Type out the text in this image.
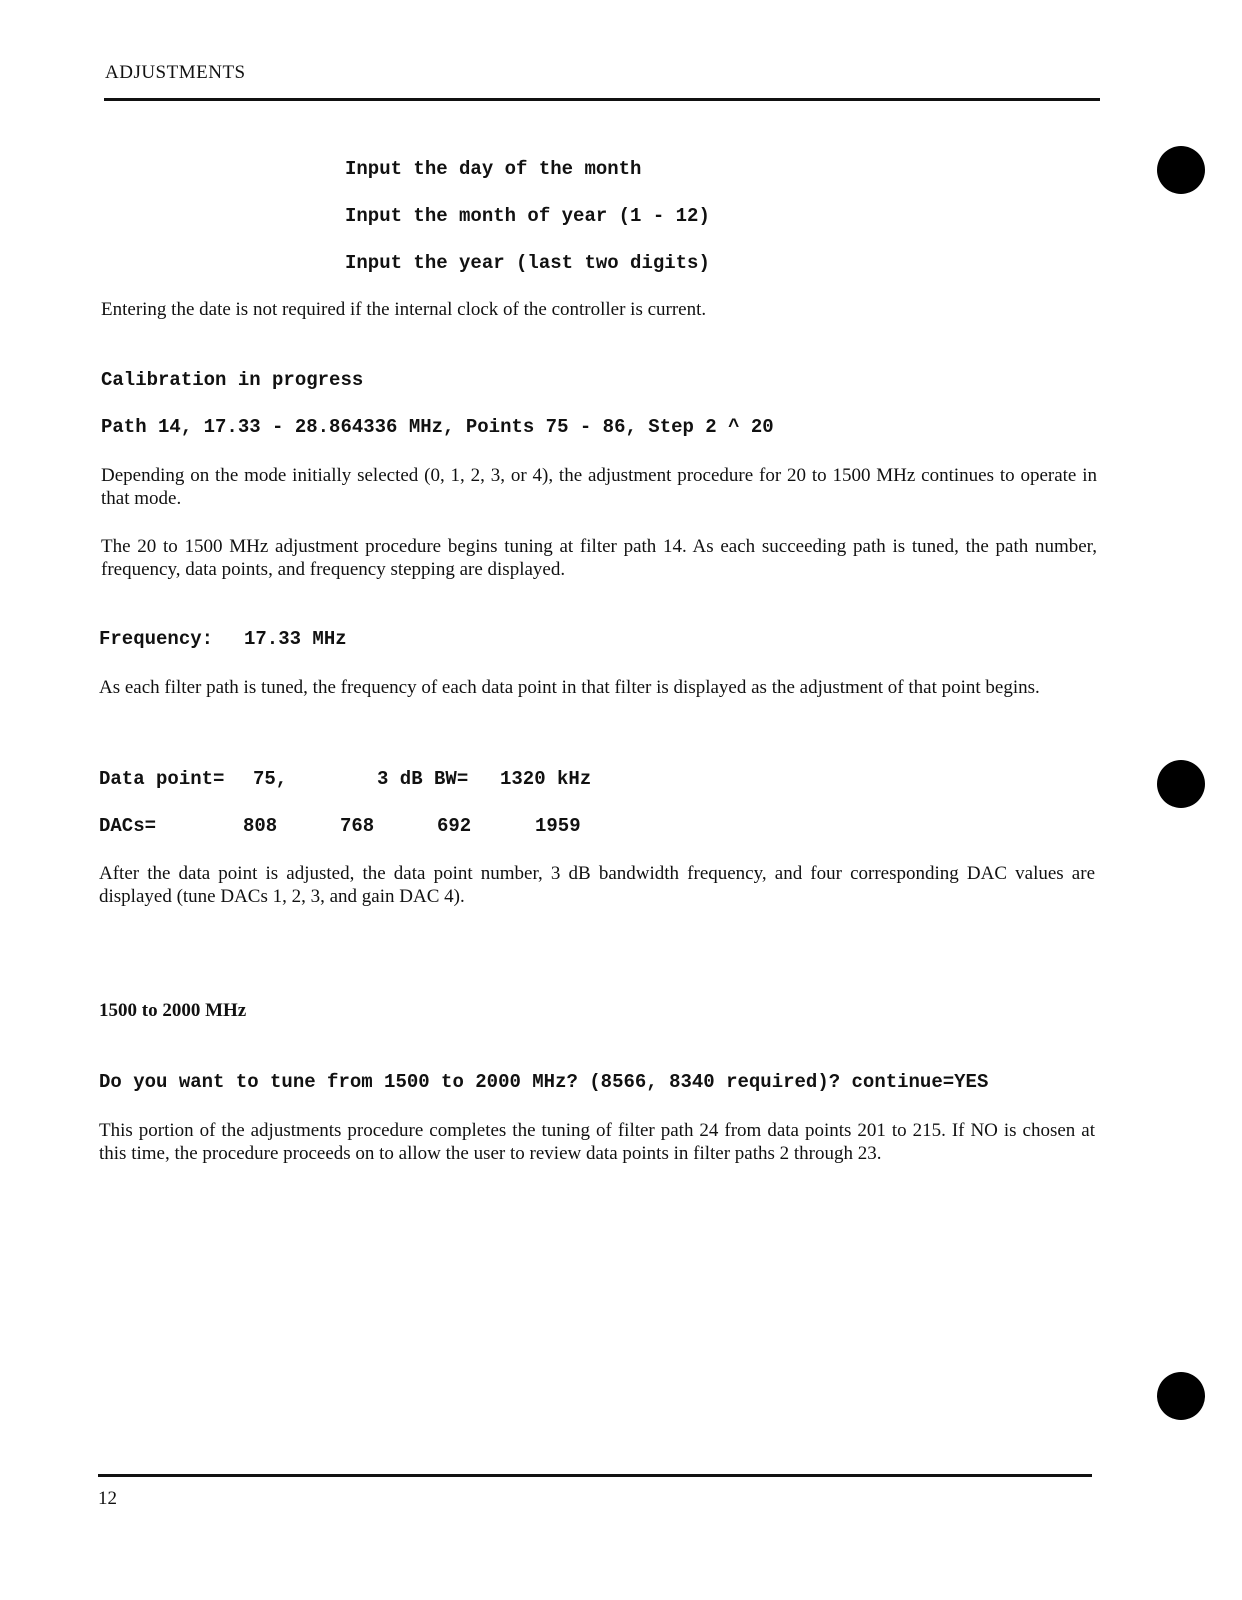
ADJUSTMENTS
Input the day of the month
Input the month of year (1 - 12)
Input the year (last two digits)
Entering the date is not required if the internal clock of the controller is current.
Calibration in progress
Path 14, 17.33 - 28.864336 MHz, Points 75 - 86, Step 2 ^ 20
Depending on the mode initially selected (0, 1, 2, 3, or 4), the adjustment procedure for 20 to 1500 MHz continues to operate in that mode.
The 20 to 1500 MHz adjustment procedure begins tuning at filter path 14. As each succeeding path is tuned, the path number, frequency, data points, and frequency stepping are displayed.
Frequency: 17.33 MHz
As each filter path is tuned, the frequency of each data point in that filter is displayed as the adjustment of that point begins.
Data point= 75,	3 dB BW= 1320 kHz
DACs=	808	768	692	1959
After the data point is adjusted, the data point number, 3 dB bandwidth frequency, and four corresponding DAC values are displayed (tune DACs 1, 2, 3, and gain DAC 4).
1500 to 2000 MHz
Do you want to tune from 1500 to 2000 MHz? (8566, 8340 required)? continue=YES
This portion of the adjustments procedure completes the tuning of filter path 24 from data points 201 to 215. If NO is chosen at this time, the procedure proceeds on to allow the user to review data points in filter paths 2 through 23.
12
